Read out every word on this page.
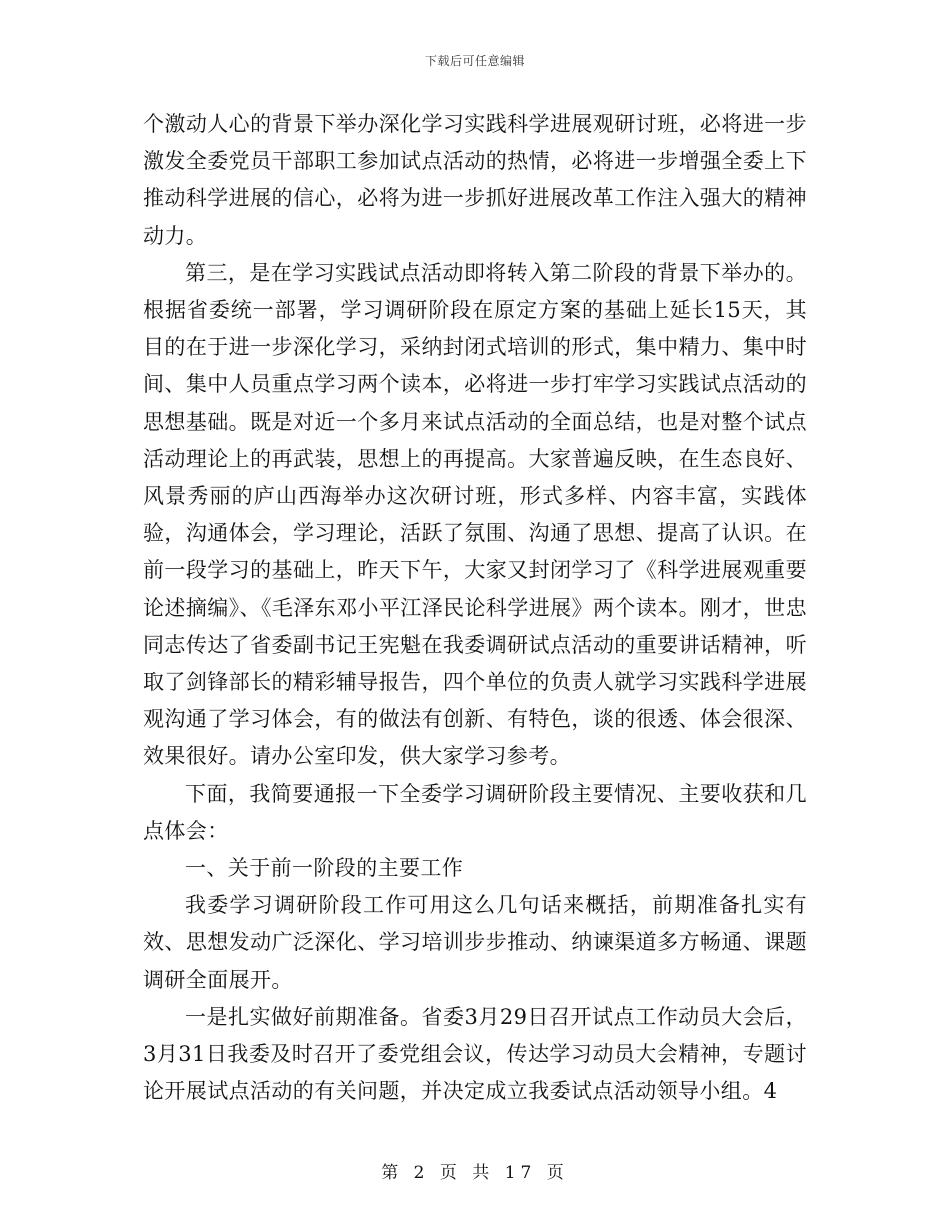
下载后可任意编辑

个激动人心的背景下举办深化学习实践科学进展观研讨班，必将进一步激发全委党员干部职工参加试点活动的热情，必将进一步增强全委上下推动科学进展的信心，必将为进一步抓好进展改革工作注入强大的精神动力。

第三，是在学习实践试点活动即将转入第二阶段的背景下举办的。根据省委统一部署，学习调研阶段在原定方案的基础上延长15天，其目的在于进一步深化学习，采纳封闭式培训的形式，集中精力、集中时间、集中人员重点学习两个读本，必将进一步打牢学习实践试点活动的思想基础。既是对近一个多月来试点活动的全面总结，也是对整个试点活动理论上的再武装，思想上的再提高。大家普遍反映，在生态良好、风景秀丽的庐山西海举办这次研讨班，形式多样、内容丰富，实践体验，沟通体会，学习理论，活跃了氛围、沟通了思想、提高了认识。在前一段学习的基础上，昨天下午，大家又封闭学习了《科学进展观重要论述摘编》、《毛泽东邓小平江泽民论科学进展》两个读本。刚才，世忠同志传达了省委副书记王宪魁在我委调研试点活动的重要讲话精神，听取了剑锋部长的精彩辅导报告，四个单位的负责人就学习实践科学进展观沟通了学习体会，有的做法有创新、有特色，谈的很透、体会很深、效果很好。请办公室印发，供大家学习参考。

下面，我简要通报一下全委学习调研阶段主要情况、主要收获和几点体会：

一、关于前一阶段的主要工作

我委学习调研阶段工作可用这么几句话来概括，前期准备扎实有效、思想发动广泛深化、学习培训步步推动、纳谏渠道多方畅通、课题调研全面展开。

一是扎实做好前期准备。省委3月29日召开试点工作动员大会后，3月31日我委及时召开了委党组会议，传达学习动员大会精神，专题讨论开展试点活动的有关问题，并决定成立我委试点活动领导小组。4

第 2 页 共 17 页
